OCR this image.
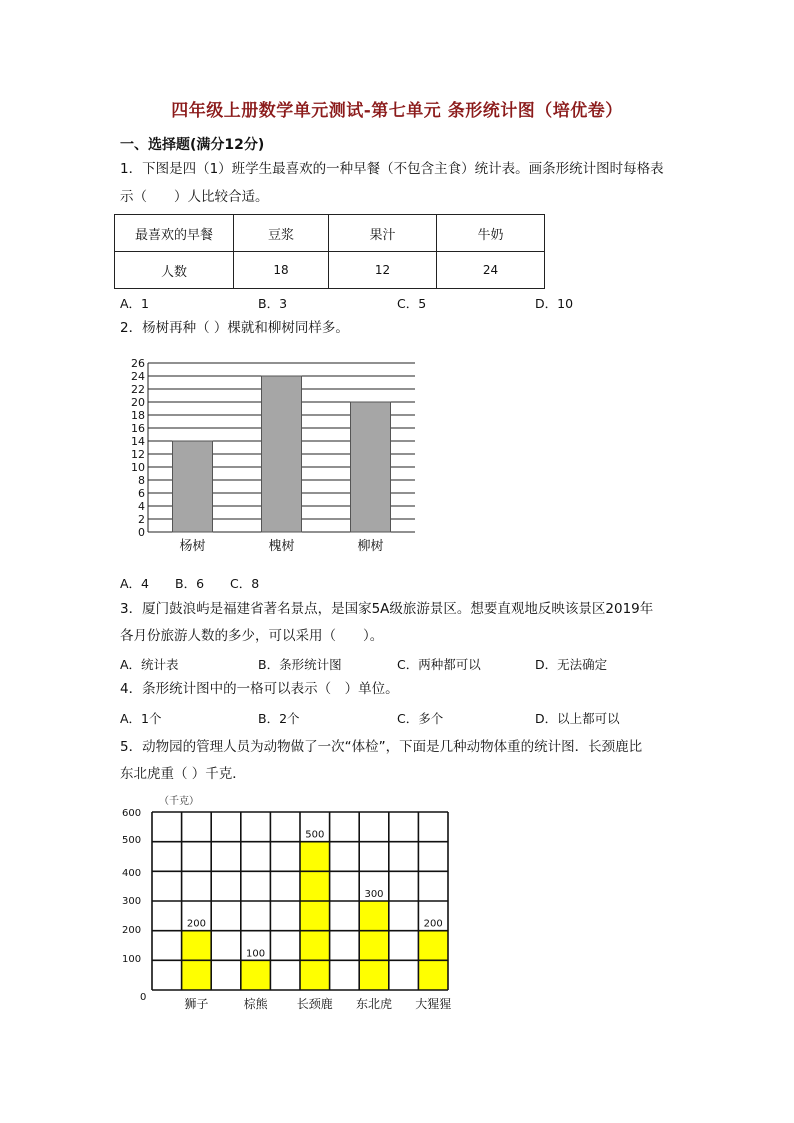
四年级上册数学单元测试-第七单元 条形统计图（培优卷）
一、选择题(满分12分)
1．下图是四（1）班学生最喜欢的一种早餐（不包含主食）统计表。画条形统计图时每格表
示（　　）人比较合适。
最喜欢的早餐	豆浆	果汁	牛奶
人数	18	12	24
A．1	B．3	C．5	D．10
2．杨树再种（ ）棵就和柳树同样多。
0
2
4
6
8
10
12
14
16
18
20
22
24
26
杨树	槐树	柳树
A．4 B．6 C．8
3．厦门鼓浪屿是福建省著名景点，是国家5A级旅游景区。想要直观地反映该景区2019年
各月份旅游人数的多少，可以采用（　　）。
A．统计表	B．条形统计图	C．两种都可以	D．无法确定
4．条形统计图中的一格可以表示（　）单位。
A．1个	B．2个	C．多个	D．以上都可以
5．动物园的管理人员为动物做了一次“体检”，下面是几种动物体重的统计图．长颈鹿比
东北虎重（ ）千克．
（千克）
0
100
200
300
400
500
600
200
100
500
300
200
狮子	棕熊 长颈鹿 东北虎 大猩猩
